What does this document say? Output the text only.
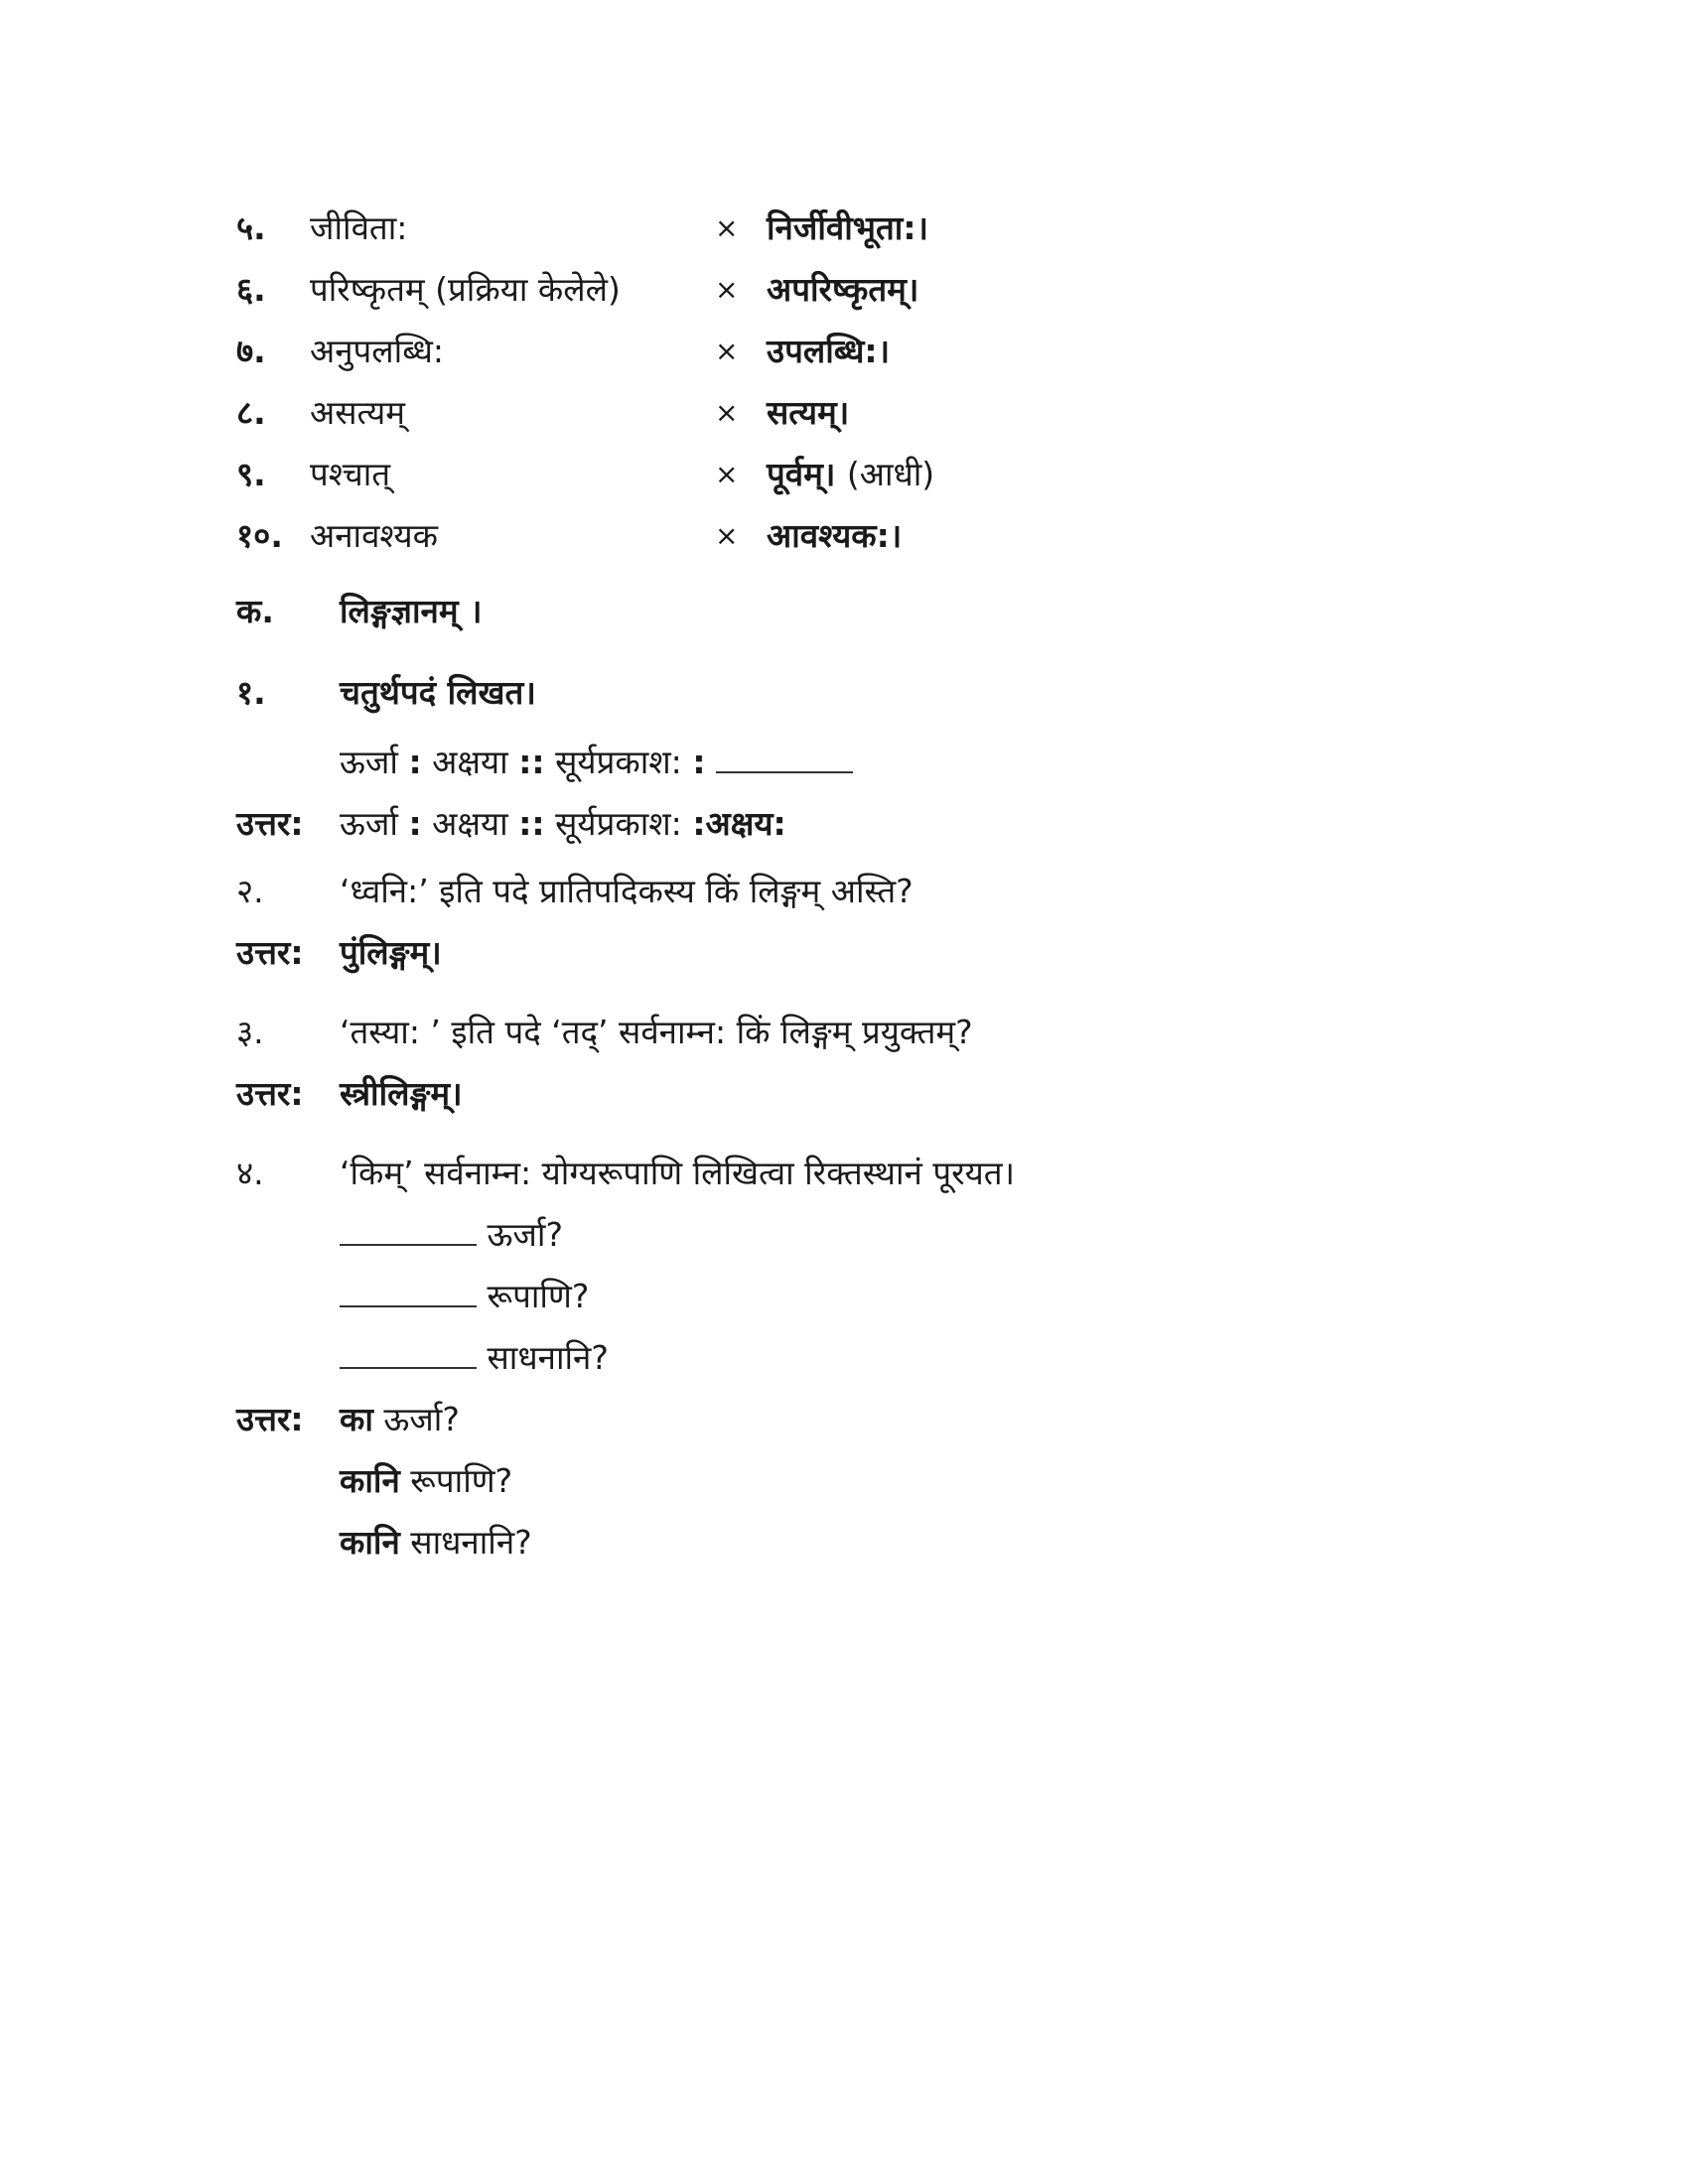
५. जीविता:	× निर्जीवीभूता:।
६. परिष्कृतम् (प्रक्रिया केलेले)	× अपरिष्कृतम्।
७. अनुपलब्धि:	× उपलब्धि:।
८. असत्यम्	× सत्यम्।
९. पश्चात्	× पूर्वम्। (आधी)
१०. अनावश्यक	× आवश्यक:।
क. लिङ्गज्ञानम् ।
१. चतुर्थपदं लिखत।
ऊर्जा : अक्षया :: सूर्यप्रकाश: :
उत्तर: ऊर्जा : अक्षया :: सूर्यप्रकाश: :अक्षय:
२. ‘ध्वनि:’ इति पदे प्रातिपदिकस्य किं लिङ्गम् अस्ति?
उत्तर: पुंलिङ्गम्।
३. ‘तस्या: ’ इति पदे ‘तद्’ सर्वनाम्न: किं लिङ्गम् प्रयुक्तम्?
उत्तर: स्त्रीलिङ्गम्।
४. ‘किम्’ सर्वनाम्न: योग्यरूपाणि लिखित्वा रिक्तस्थानं पूरयत।
ऊर्जा?
रूपाणि?
साधनानि?
उत्तर: का ऊर्जा?
कानि रूपाणि?
कानि साधनानि?
